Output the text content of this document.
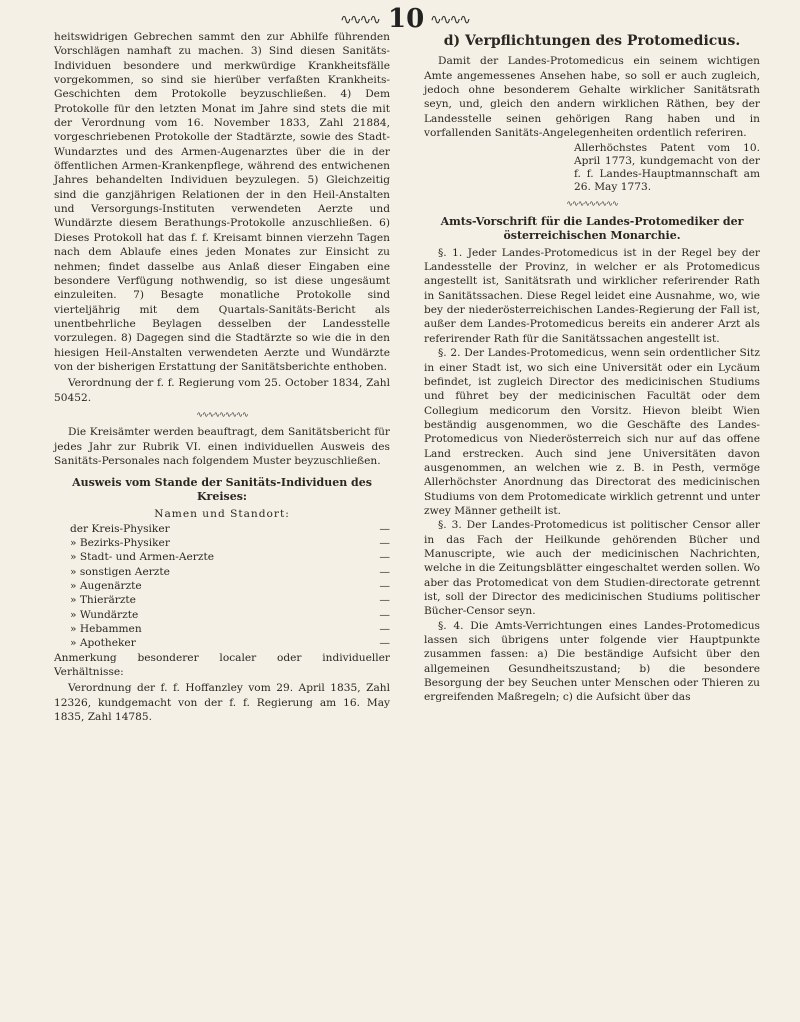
∿∿∿∿ 10 ∿∿∿∿

heitswidrigen Gebrechen sammt den zur Abhilfe führenden Vorschlägen namhaft zu machen. 3) Sind diesen Sanitäts-Individuen besondere und merkwürdige Krankheitsfälle vorgekommen, so sind sie hierüber verfaßten Krankheits-Geschichten dem Protokolle beyzuschließen. 4) Dem Protokolle für den letzten Monat im Jahre sind stets die mit der Verordnung vom 16. November 1833, Zahl 21884, vorgeschriebenen Protokolle der Stadtärzte, sowie des Stadt-Wundarztes und des Armen-Augenarztes über die in der öffentlichen Armen-Krankenpflege, während des entwichenen Jahres behandelten Individuen beyzulegen. 5) Gleichzeitig sind die ganzjährigen Relationen der in den Heil-Anstalten und Versorgungs-Instituten verwendeten Aerzte und Wundärzte diesem Berathungs-Protokolle anzuschließen. 6) Dieses Protokoll hat das f. f. Kreisamt binnen vierzehn Tagen nach dem Ablaufe eines jeden Monates zur Einsicht zu nehmen; findet dasselbe aus Anlaß dieser Eingaben eine besondere Verfügung nothwendig, so ist diese ungesäumt einzuleiten. 7) Besagte monatliche Protokolle sind vierteljährig mit dem Quartals-Sanitäts-Bericht als unentbehrliche Beylagen desselben der Landesstelle vorzulegen. 8) Dagegen sind die Stadtärzte so wie die in den hiesigen Heil-Anstalten verwendeten Aerzte und Wundärzte von der bisherigen Erstattung der Sanitätsberichte enthoben.

Verordnung der f. f. Regierung vom 25. October 1834, Zahl 50452.

∿∿∿∿∿∿∿∿∿

Die Kreisämter werden beauftragt, dem Sanitätsbericht für jedes Jahr zur Rubrik VI. einen individuellen Ausweis des Sanitäts-Personales nach folgendem Muster beyzuschließen.

Ausweis vom Stande der Sanitäts-Individuen des Kreises:

Namen und Standort:

der Kreis-Physiker	—
» Bezirks-Physiker	—
» Stadt- und Armen-Aerzte	—
» sonstigen Aerzte	—
» Augenärzte	—
» Thierärzte	—
» Wundärzte	—
» Hebammen	—
» Apotheker	—

Anmerkung besonderer localer oder individueller Verhältnisse:

Verordnung der f. f. Hoffanzley vom 29. April 1835, Zahl 12326, kundgemacht von der f. f. Regierung am 16. May 1835, Zahl 14785.

d) Verpflichtungen des Protomedicus.

Damit der Landes-Protomedicus ein seinem wichtigen Amte angemessenes Ansehen habe, so soll er auch zugleich, jedoch ohne besonderem Gehalte wirklicher Sanitätsrath seyn, und, gleich den andern wirklichen Räthen, bey der Landesstelle seinen gehörigen Rang haben und in vorfallenden Sanitäts-Angelegenheiten ordentlich referiren.

Allerhöchstes Patent vom 10. April 1773, kundgemacht von der f. f. Landes-Hauptmannschaft am 26. May 1773.

∿∿∿∿∿∿∿∿∿

Amts-Vorschrift für die Landes-Protomediker der österreichischen Monarchie.

§. 1. Jeder Landes-Protomedicus ist in der Regel bey der Landesstelle der Provinz, in welcher er als Protomedicus angestellt ist, Sanitätsrath und wirklicher referirender Rath in Sanitätssachen. Diese Regel leidet eine Ausnahme, wo, wie bey der niederösterreichischen Landes-Regierung der Fall ist, außer dem Landes-Protomedicus bereits ein anderer Arzt als referirender Rath für die Sanitätssachen angestellt ist.

§. 2. Der Landes-Protomedicus, wenn sein ordentlicher Sitz in einer Stadt ist, wo sich eine Universität oder ein Lycäum befindet, ist zugleich Director des medicinischen Studiums und führet bey der medicinischen Facultät oder dem Collegium medicorum den Vorsitz. Hievon bleibt Wien beständig ausgenommen, wo die Geschäfte des Landes-Protomedicus von Niederösterreich sich nur auf das offene Land erstrecken. Auch sind jene Universitäten davon ausgenommen, an welchen wie z. B. in Pesth, vermöge Allerhöchster Anordnung das Directorat des medicinischen Studiums von dem Protomedicate wirklich getrennt und unter zwey Männer getheilt ist.

§. 3. Der Landes-Protomedicus ist politischer Censor aller in das Fach der Heilkunde gehörenden Bücher und Manuscripte, wie auch der medicinischen Nachrichten, welche in die Zeitungsblätter eingeschaltet werden sollen. Wo aber das Protomedicat von dem Studien-directorate getrennt ist, soll der Director des medicinischen Studiums politischer Bücher-Censor seyn.

§. 4. Die Amts-Verrichtungen eines Landes-Protomedicus lassen sich übrigens unter folgende vier Hauptpunkte zusammen fassen: a) Die beständige Aufsicht über den allgemeinen Gesundheitszustand; b) die besondere Besorgung der bey Seuchen unter Menschen oder Thieren zu ergreifenden Maßregeln; c) die Aufsicht über das
